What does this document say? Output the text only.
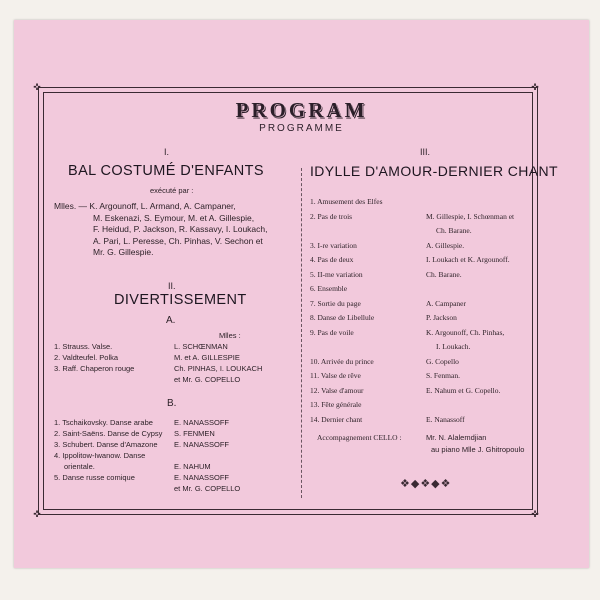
✜	✜
✜	✜
PROGRAM
PROGRAMME
I.
BAL COSTUMÉ D'ENFANTS
exécuté par :
Mlles. — K. Argounoff, L. Armand, A. Campaner,
M. Eskenazi, S. Eymour, M. et A. Gillespie,
F. Heidud, P. Jackson, R. Kassavy, I. Loukach,
A. Pari, L. Peresse, Ch. Pinhas, V. Sechon et
Mr. G. Gillespie.
II.
DIVERTISSEMENT
A.
Mlles :
1. Strauss. Valse.	L. SCHŒNMAN
2. Valdteufel. Polka	M. et A. GILLESPIE
3. Raff. Chaperon rouge	Ch. PINHAS, I. LOUKACH
et Mr. G. COPELLO
B.
1. Tschaikovsky. Danse arabe	E. NANASSOFF
2. Saint-Saëns. Danse de Cypsy S. FENMEN
3. Schubert. Danse d'Amazone E. NANASSOFF
4. Ippolitow-Iwanow. Danse
orientale.	E. NAHUM
5. Danse russe comique	E. NANASSOFF
et Mr. G. COPELLO
III.
IDYLLE D'AMOUR-DERNIER CHANT
1. Amusement des Elfes
2. Pas de trois	M. Gillespie, I. Schœnman et
Ch. Barane.
3. I-re variation	A. Gillespie.
4. Pas de deux	I. Loukach et K. Argounoff.
5. II-me variation	Ch. Barane.
6. Ensemble
7. Sortie du page	A. Campaner
8. Danse de Libellule	P. Jackson
9. Pas de voile	K. Argounoff, Ch. Pinhas,
I. Loukach.
10. Arrivée du prince	G. Copello
11. Valse de rêve	S. Fenman.
12. Valse d'amour	E. Nahum et G. Copello.
13. Fête générale
14. Dernier chant	E. Nanassoff
Accompagnement CELLO :	Mr. N. Alalemdjian
au piano Mlle J. Ghitropoulo
❖◆❖◆❖
